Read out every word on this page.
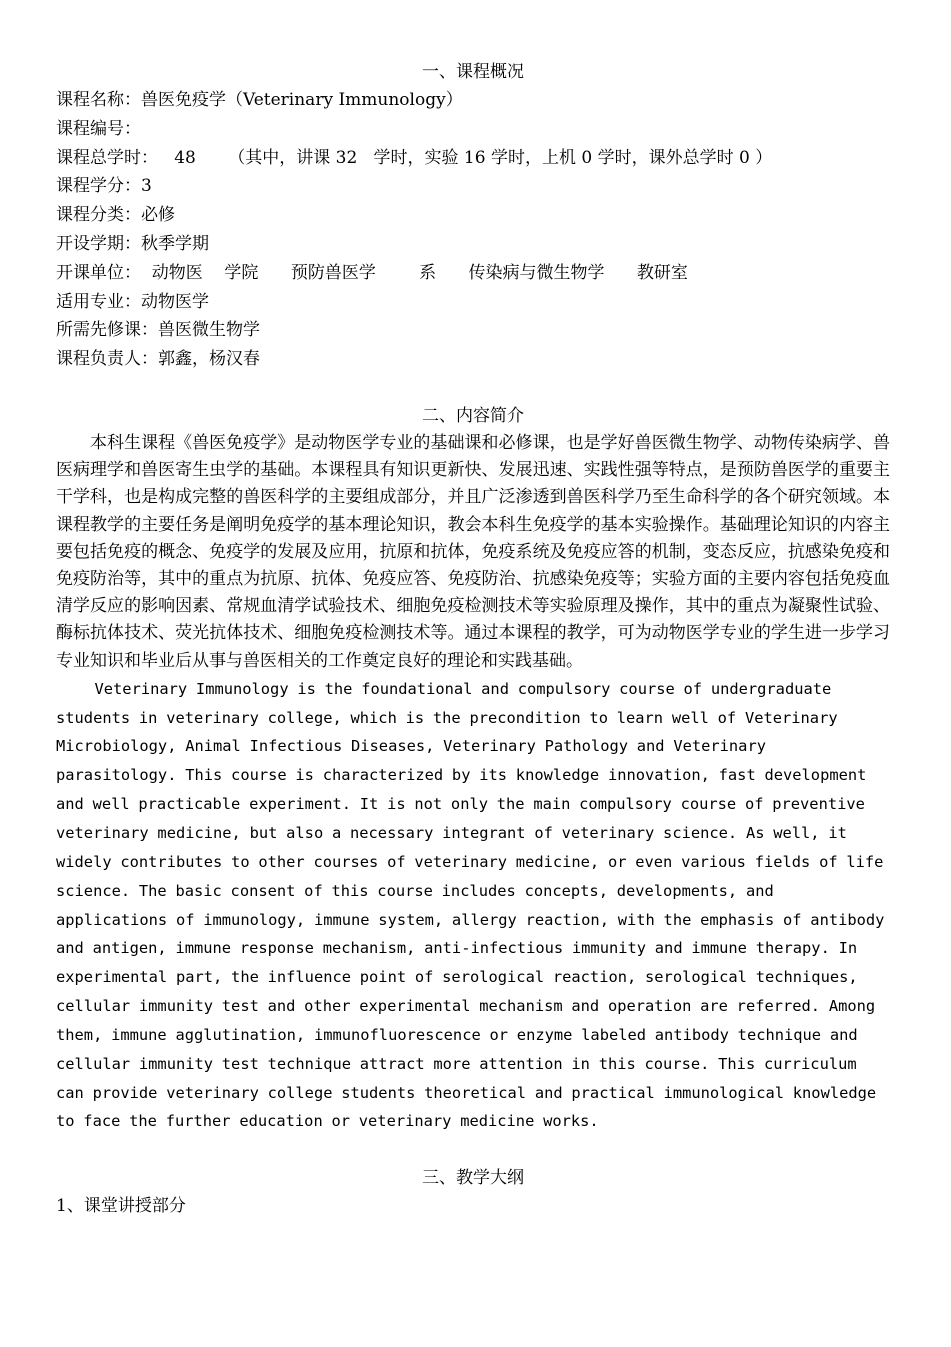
一、课程概况

课程名称：兽医免疫学（Veterinary Immunology）

课程编号：

课程总学时：   48      （其中，讲课 32   学时，实验 16 学时，上机 0 学时，课外总学时 0 ）

课程学分：3

课程分类：必修

开设学期：秋季学期

开课单位：  动物医    学院      预防兽医学        系      传染病与微生物学      教研室

适用专业：动物医学

所需先修课：兽医微生物学

课程负责人：郭鑫，杨汉春

二、内容简介

本科生课程《兽医免疫学》是动物医学专业的基础课和必修课，也是学好兽医微生物学、动物传染病学、兽医病理学和兽医寄生虫学的基础。本课程具有知识更新快、发展迅速、实践性强等特点，是预防兽医学的重要主干学科，也是构成完整的兽医科学的主要组成部分，并且广泛渗透到兽医科学乃至生命科学的各个研究领域。本课程教学的主要任务是阐明免疫学的基本理论知识，教会本科生免疫学的基本实验操作。基础理论知识的内容主要包括免疫的概念、免疫学的发展及应用，抗原和抗体，免疫系统及免疫应答的机制，变态反应，抗感染免疫和免疫防治等，其中的重点为抗原、抗体、免疫应答、免疫防治、抗感染免疫等；实验方面的主要内容包括免疫血清学反应的影响因素、常规血清学试验技术、细胞免疫检测技术等实验原理及操作，其中的重点为凝聚性试验、酶标抗体技术、荧光抗体技术、细胞免疫检测技术等。通过本课程的教学，可为动物医学专业的学生进一步学习专业知识和毕业后从事与兽医相关的工作奠定良好的理论和实践基础。

Veterinary Immunology is the foundational and compulsory course of undergraduate students in veterinary college, which is the precondition to learn well of Veterinary Microbiology, Animal Infectious Diseases, Veterinary Pathology and Veterinary parasitology. This course is characterized by its knowledge innovation, fast development and well practicable experiment. It is not only the main compulsory course of preventive veterinary medicine, but also a necessary integrant of veterinary science. As well, it widely contributes to other courses of veterinary medicine, or even various fields of life science. The basic consent of this course includes concepts, developments, and applications of immunology, immune system, allergy reaction, with the emphasis of antibody and antigen, immune response mechanism, anti-infectious immunity and immune therapy. In experimental part, the influence point of serological reaction, serological techniques, cellular immunity test and other experimental mechanism and operation are referred. Among them, immune agglutination, immunofluorescence or enzyme labeled antibody technique and cellular immunity test technique attract more attention in this course. This curriculum can provide veterinary college students theoretical and practical immunological knowledge to face the further education or veterinary medicine works.

三、教学大纲

1、课堂讲授部分
